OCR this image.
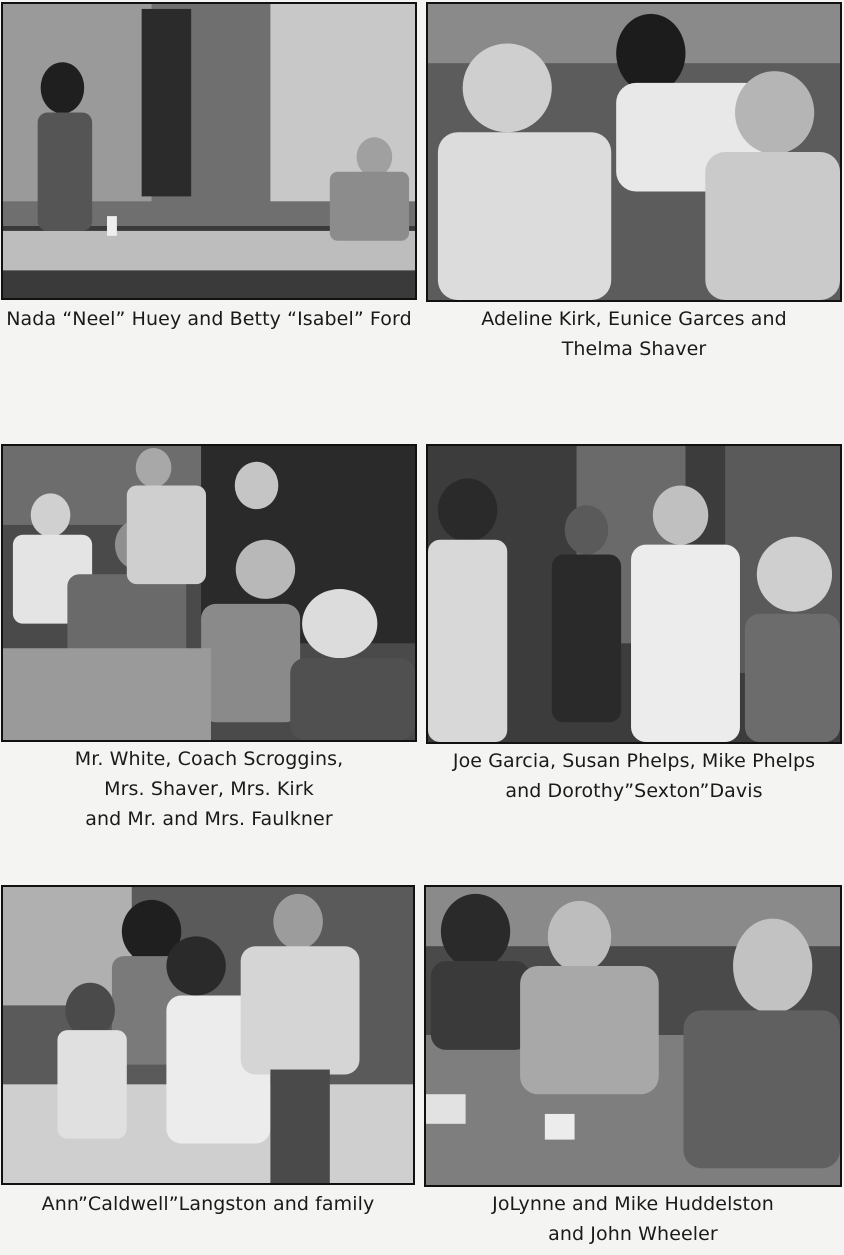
Nada “Neel” Huey and Betty “Isabel” Ford	Adeline Kirk, Eunice Garces and
Thelma Shaver
Mr. White, Coach Scroggins,
Mrs. Shaver, Mrs. Kirk
and Mr. and Mrs. Faulkner
Joe Garcia, Susan Phelps, Mike Phelps
and Dorothy”Sexton”Davis
Ann”Caldwell”Langston and family	JoLynne and Mike Huddelston
and John Wheeler
